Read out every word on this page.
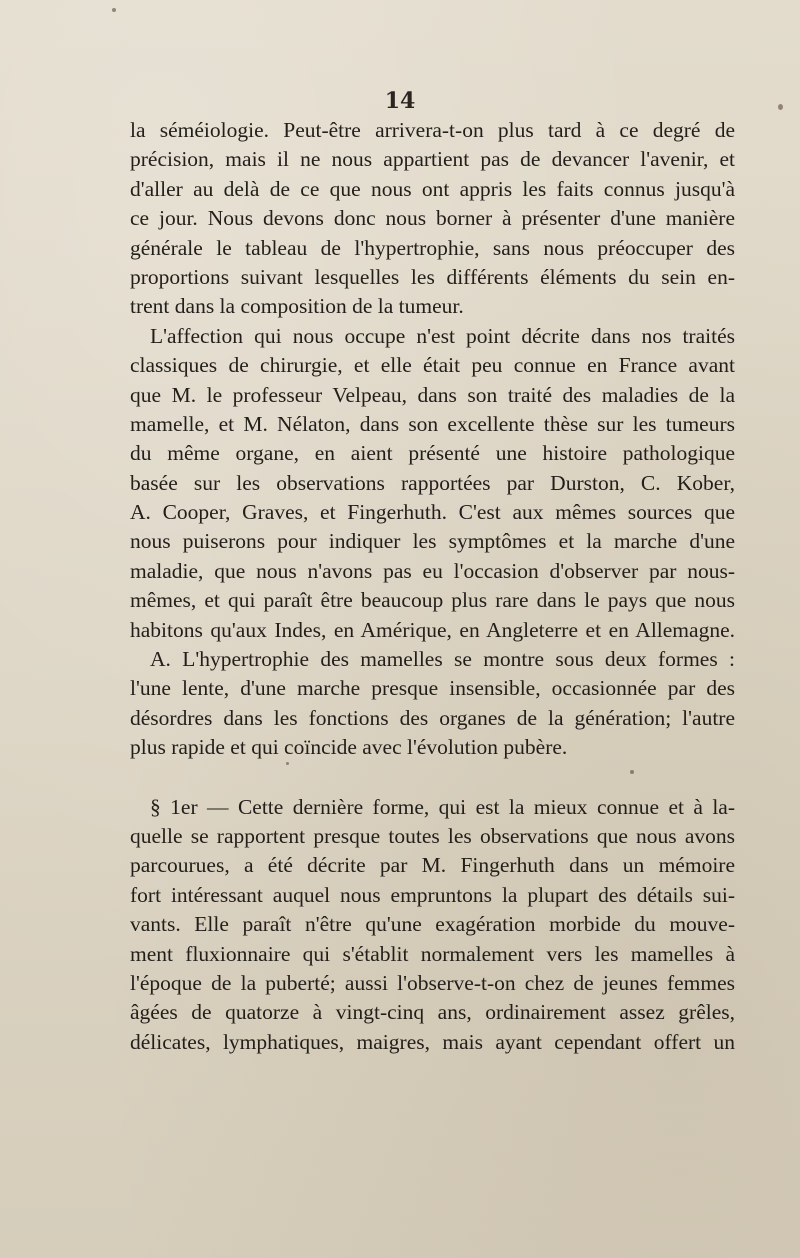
14
la séméiologie. Peut-être arrivera-t-on plus tard à ce degré de
précision, mais il ne nous appartient pas de devancer l'avenir, et
d'aller au delà de ce que nous ont appris les faits connus jusqu'à
ce jour. Nous devons donc nous borner à présenter d'une manière
générale le tableau de l'hypertrophie, sans nous préoccuper des
proportions suivant lesquelles les différents éléments du sein en-
trent dans la composition de la tumeur.
L'affection qui nous occupe n'est point décrite dans nos traités
classiques de chirurgie, et elle était peu connue en France avant
que M. le professeur Velpeau, dans son traité des maladies de la
mamelle, et M. Nélaton, dans son excellente thèse sur les tumeurs
du même organe, en aient présenté une histoire pathologique
basée sur les observations rapportées par Durston, C. Kober,
A. Cooper, Graves, et Fingerhuth. C'est aux mêmes sources que
nous puiserons pour indiquer les symptômes et la marche d'une
maladie, que nous n'avons pas eu l'occasion d'observer par nous-
mêmes, et qui paraît être beaucoup plus rare dans le pays que nous
habitons qu'aux Indes, en Amérique, en Angleterre et en Allemagne.
A. L'hypertrophie des mamelles se montre sous deux formes :
l'une lente, d'une marche presque insensible, occasionnée par des
désordres dans les fonctions des organes de la génération; l'autre
plus rapide et qui coïncide avec l'évolution pubère.
§ 1er — Cette dernière forme, qui est la mieux connue et à la-
quelle se rapportent presque toutes les observations que nous avons
parcourues, a été décrite par M. Fingerhuth dans un mémoire
fort intéressant auquel nous empruntons la plupart des détails sui-
vants. Elle paraît n'être qu'une exagération morbide du mouve-
ment fluxionnaire qui s'établit normalement vers les mamelles à
l'époque de la puberté; aussi l'observe-t-on chez de jeunes femmes
âgées de quatorze à vingt-cinq ans, ordinairement assez grêles,
délicates, lymphatiques, maigres, mais ayant cependant offert un
